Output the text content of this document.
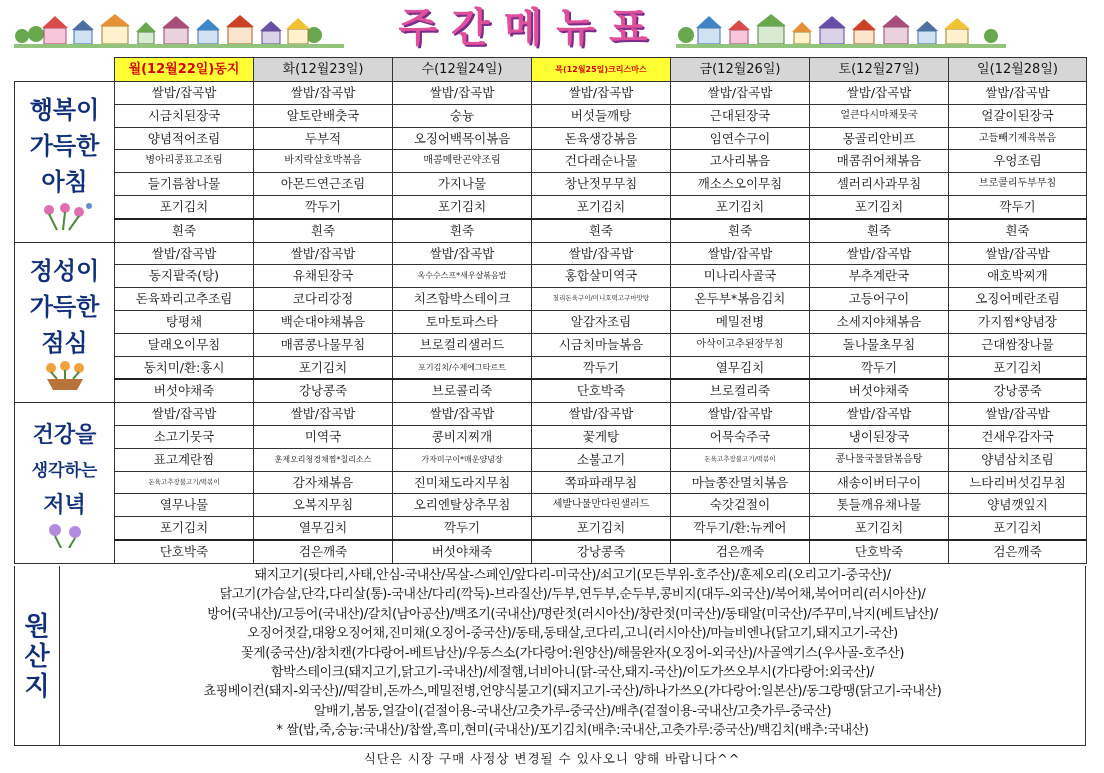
주간메뉴표
	월(12월22일)동지	화(12월23일)	수(12월24일)	목(12월25일)크리스마스	금(12월26일)	토(12월27일)	일(12월28일)

행복이
가득한
아침	쌀밥/잡곡밥	쌀밥/잡곡밥	쌀밥/잡곡밥	쌀밥/잡곡밥	쌀밥/잡곡밥	쌀밥/잡곡밥	쌀밥/잡곡밥
	시금치된장국	알토란배춧국	숭늉	버섯들깨탕	근대된장국	얼큰다시마채뭇국	얼갈이된장국
	양념적어조림	두부적	오징어백목이볶음	돈육생강볶음	임연수구이	몽골리안비프	고들빼기제육볶음
	병아리콩표고조림	바지락살호박볶음	매콤메란곤약조림	건다래순나물	고사리볶음	매콤쥐어채볶음	우엉조림
	들기름참나물	아몬드연근조림	가지나물	창난젓무무침	깨소스오이무침	셀러리사과무침	브로콜리두부무침
	포기김치	깍두기	포기김치	포기김치	포기김치	포기김치	깍두기
	흰죽	흰죽	흰죽	흰죽	흰죽	흰죽	흰죽

정성이
가득한
점심	쌀밥/잡곡밥	쌀밥/잡곡밥	쌀밥/잡곡밥	쌀밥/잡곡밥	쌀밥/잡곡밥	쌀밥/잡곡밥	쌀밥/잡곡밥
	동지팥죽(탕)	유채된장국	옥수수스프*새우살볶음밥	홍합살미역국	미나리사골국	부추계란국	애호박찌개
	돈육꽈리고추조림	코다리강정	치즈함박스테이크	칠리돈육구이/미니호떡고구마맛탕	온두부*볶음김치	고등어구이	오징어메란조림
	탕평채	백순대야채볶음	토마토파스타	알감자조림	메밀전병	소세지야채볶음	가지찜*양념장
	달래오이무침	매콤콩나물무침	브로컬리샐러드	시금치마늘볶음	아삭이고추된장무침	돌나물초무침	근대쌈장나물
	동치미/환:홍시	포기김치	포기김치/수제에그타르트	깍두기	열무김치	깍두기	포기김치
	버섯야채죽	강낭콩죽	브로콜리죽	단호박죽	브로컬리죽	버섯야채죽	강낭콩죽

건강을
생각하는
저녁	쌀밥/잡곡밥	쌀밥/잡곡밥	쌀밥/잡곡밥	쌀밥/잡곡밥	쌀밥/잡곡밥	쌀밥/잡곡밥	쌀밥/잡곡밥
	소고기뭇국	미역국	콩비지찌개	꽃게탕	어묵숙주국	냉이된장국	건새우감자국
	표고계란찜	훈제오리청경채찜*칠리소스	가자미구이*매운양념장	소불고기	돈육고추장불고기/떡볶이	콩나물국물닭볶음탕	양념삼치조림
	돈육고추장불고기/떡볶이	감자채볶음	진미채도라지무침	쪽파파래무침	마늘쫑잔멸치볶음	새송이버터구이	느타리버섯김무침
	열무나물	오복지무침	오리엔탈상추무침	세발나물만다린샐러드	숙갓겉절이	톳들깨유채나물	양념깻잎지
	포기김치	열무김치	깍두기	포기김치	깍두기/환:뉴케어	포기김치	포기김치
	단호박죽	검은깨죽	버섯야채죽	강낭콩죽	검은깨죽	단호박죽	검은깨죽
원
산
지
돼지고기(뒷다리,사태,안심-국내산/목살-스페인/앞다리-미국산)/쇠고기(모든부위-호주산)/훈제오리(오리고기-중국산)/
닭고기(가슴살,단각,다리살(통)-국내산/다리(깍둑)-브라질산)/두부,연두부,순두부,콩비지(대두-외국산)/북어채,북어머리(러시아산)/
방어(국내산)/고등어(국내산)/갈치(남아공산)/백조기(국내산)/명란젓(러시아산)/창란젓(미국산)/동태알(미국산)/주꾸미,낙지(베트남산)/
오징어젓갈,대왕오징어채,진미채(오징어-중국산)/동태,동태살,코다리,고니(러시아산)/마늘비엔나(닭고기,돼지고기-국산)
꽃게(중국산)/참치캔(가다랑어-베트남산)/우동스소(가다랑어:원양산)/해물완자(오징어-외국산)/사골엑기스(우사골-호주산)
함박스테이크(돼지고기,닭고기-국내산)/세절햄,너비아니(닭-국산,돼지-국산)/이도가쓰오부시(가다랑어:외국산)/
쵸핑베이컨(돼지-외국산)//떡갈비,돈까스,메밀전병,언양식불고기(돼지고기-국산)/하나가쓰오(가다랑어:일본산)/동그랑땡(닭고기-국내산)
알배기,봄동,얼갈이(겉절이용-국내산/고춧가루-중국산)/배추(겉절이용-국내산/고춧가루-중국산)
* 쌀(밥,죽,숭늉:국내산)/찹쌀,흑미,현미(국내산)/포기김치(배추:국내산,고춧가루:중국산)/백김치(배추:국내산)
식단은 시장 구매 사정상 변경될 수 있사오니 양해 바랍니다^^
